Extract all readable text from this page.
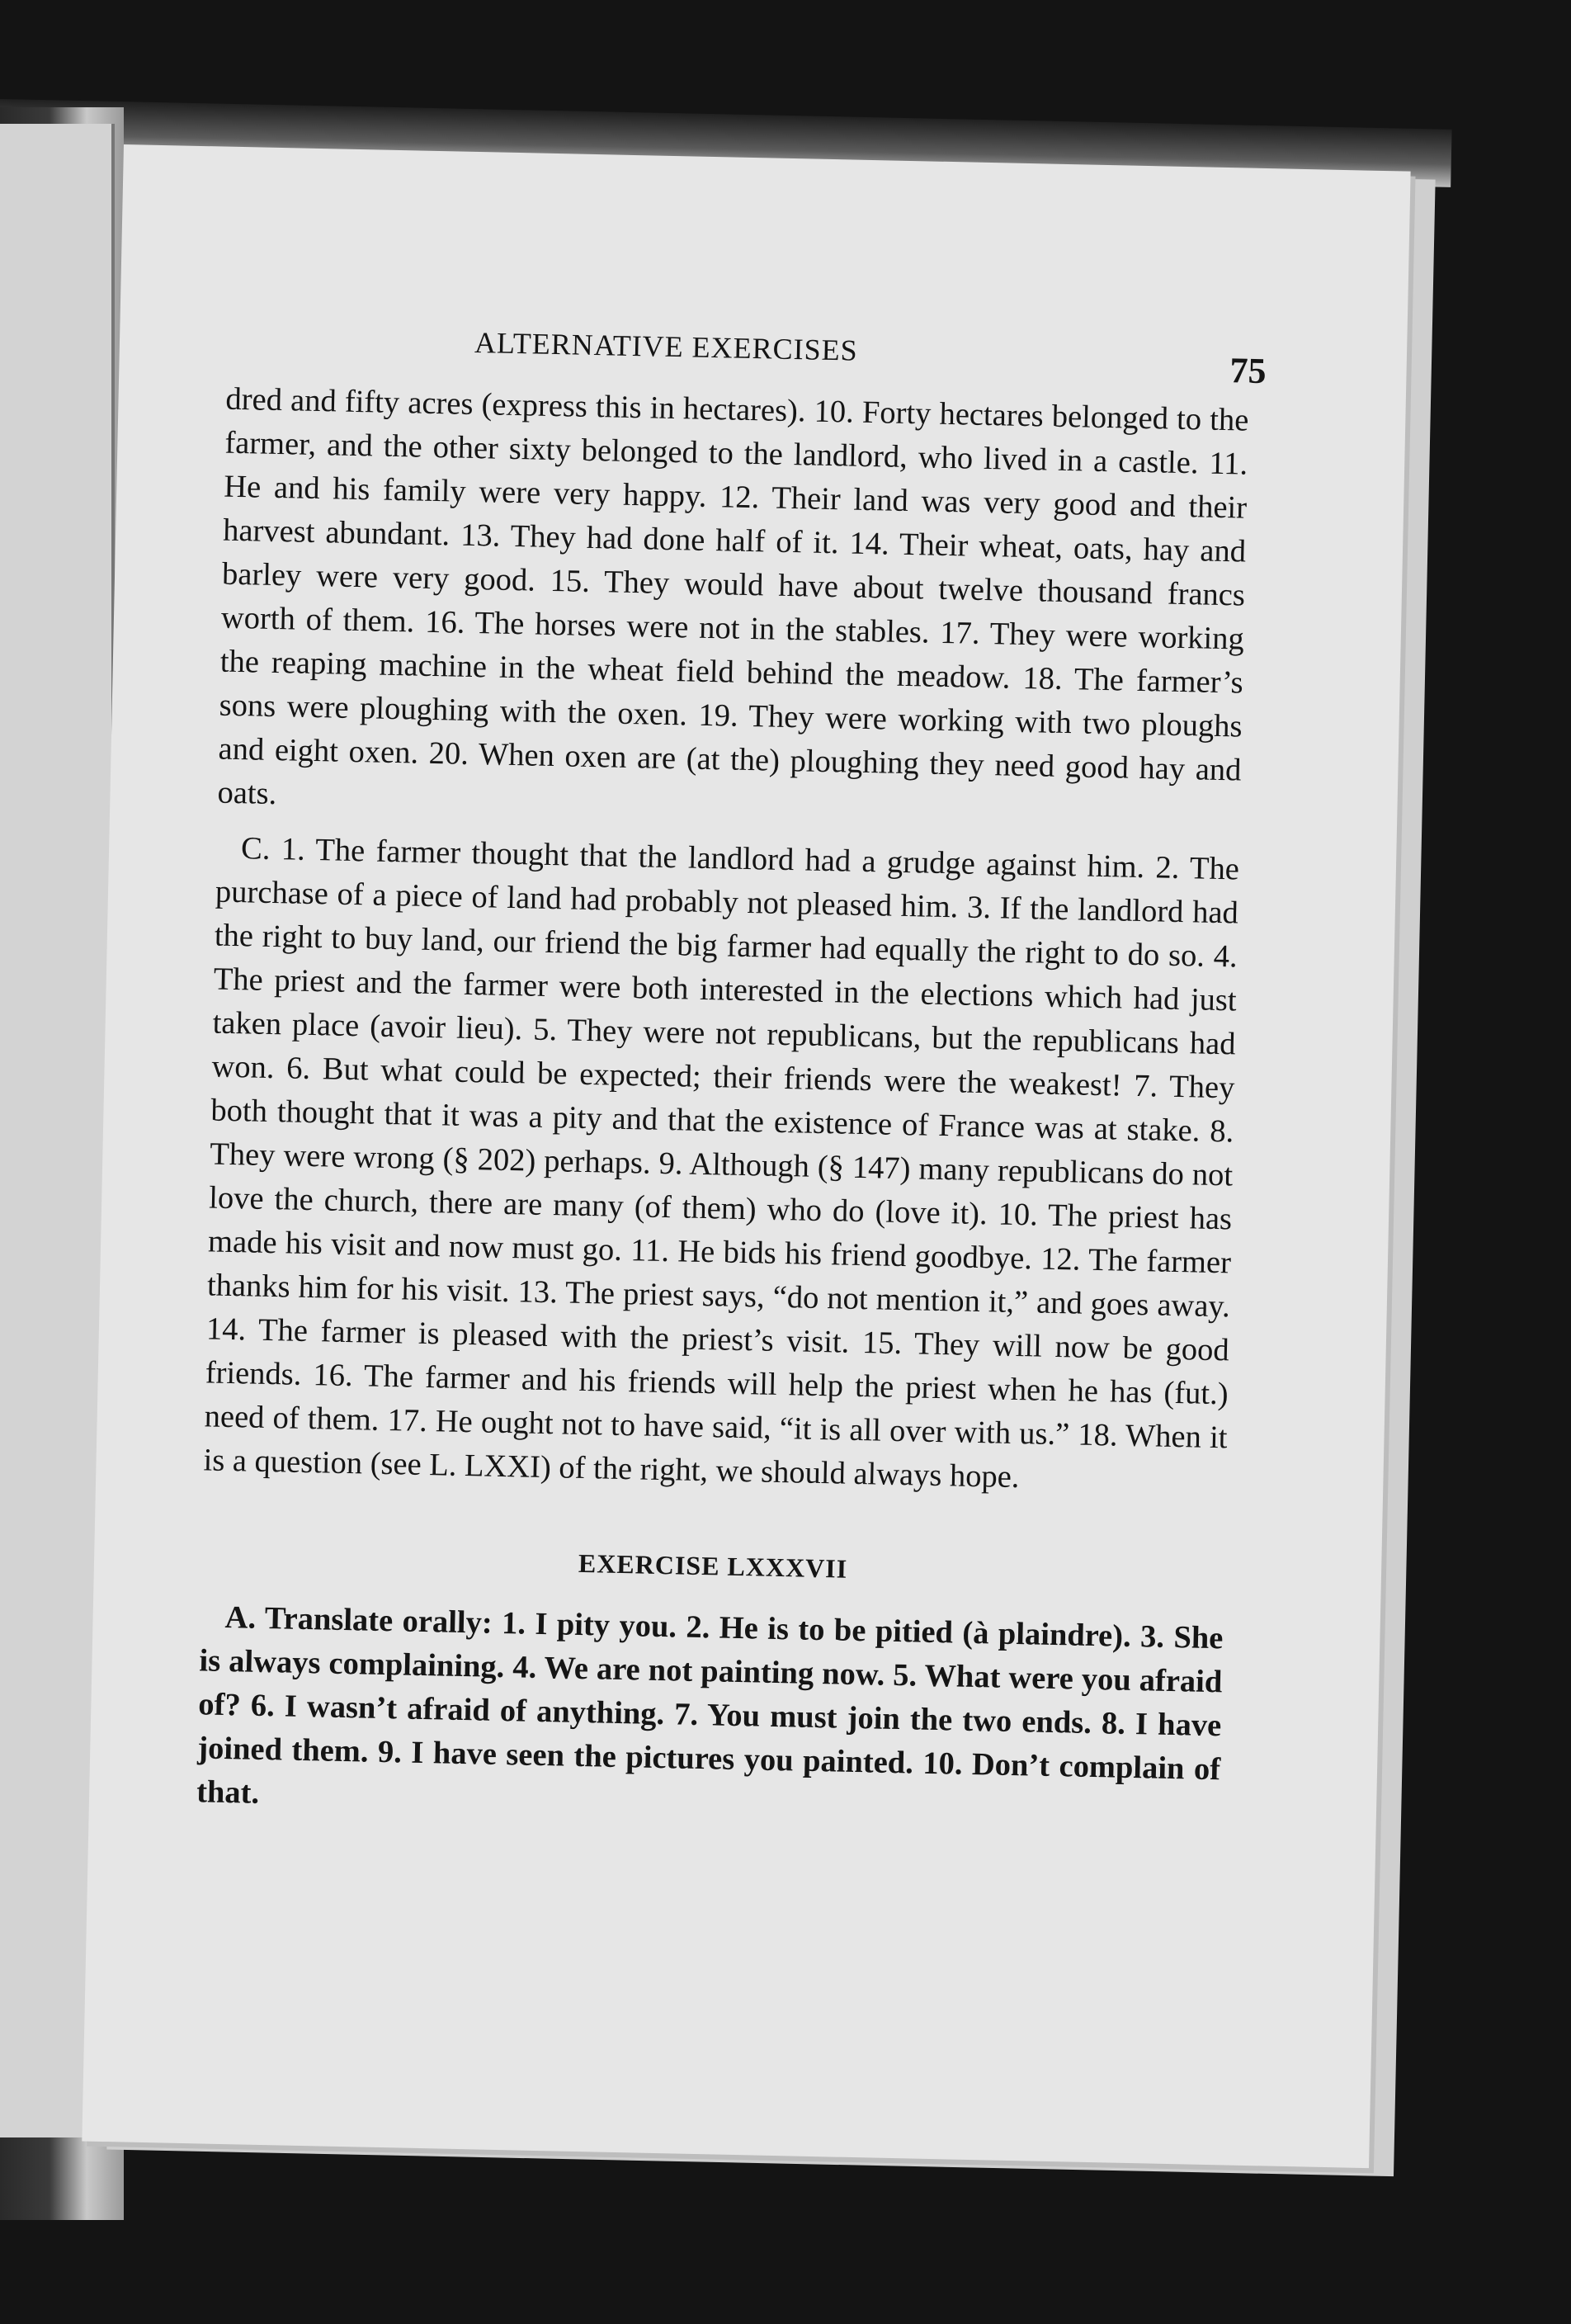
ALTERNATIVE EXERCISES
75

dred and fifty acres (express this in hectares). 10. Forty hectares belonged to the farmer, and the other sixty belonged to the landlord, who lived in a castle. 11. He and his family were very happy. 12. Their land was very good and their harvest abundant. 13. They had done half of it. 14. Their wheat, oats, hay and barley were very good. 15. They would have about twelve thousand francs worth of them. 16. The horses were not in the stables. 17. They were working the reaping machine in the wheat field behind the meadow. 18. The farmer’s sons were ploughing with the oxen. 19. They were working with two ploughs and eight oxen. 20. When oxen are (at the) ploughing they need good hay and oats.

C. 1. The farmer thought that the landlord had a grudge against him. 2. The purchase of a piece of land had probably not pleased him. 3. If the landlord had the right to buy land, our friend the big farmer had equally the right to do so. 4. The priest and the farmer were both interested in the elections which had just taken place (avoir lieu). 5. They were not republicans, but the republicans had won. 6. But what could be expected; their friends were the weakest! 7. They both thought that it was a pity and that the existence of France was at stake. 8. They were wrong (§ 202) perhaps. 9. Although (§ 147) many republicans do not love the church, there are many (of them) who do (love it). 10. The priest has made his visit and now must go. 11. He bids his friend goodbye. 12. The farmer thanks him for his visit. 13. The priest says, “do not mention it,” and goes away. 14. The farmer is pleased with the priest’s visit. 15. They will now be good friends. 16. The farmer and his friends will help the priest when he has (fut.) need of them. 17. He ought not to have said, “it is all over with us.” 18. When it is a question (see L. LXXI) of the right, we should always hope.

EXERCISE LXXXVII

A. Translate orally: 1. I pity you. 2. He is to be pitied (à plaindre). 3. She is always complaining. 4. We are not painting now. 5. What were you afraid of? 6. I wasn’t afraid of anything. 7. You must join the two ends. 8. I have joined them. 9. I have seen the pictures you painted. 10. Don’t complain of that.
